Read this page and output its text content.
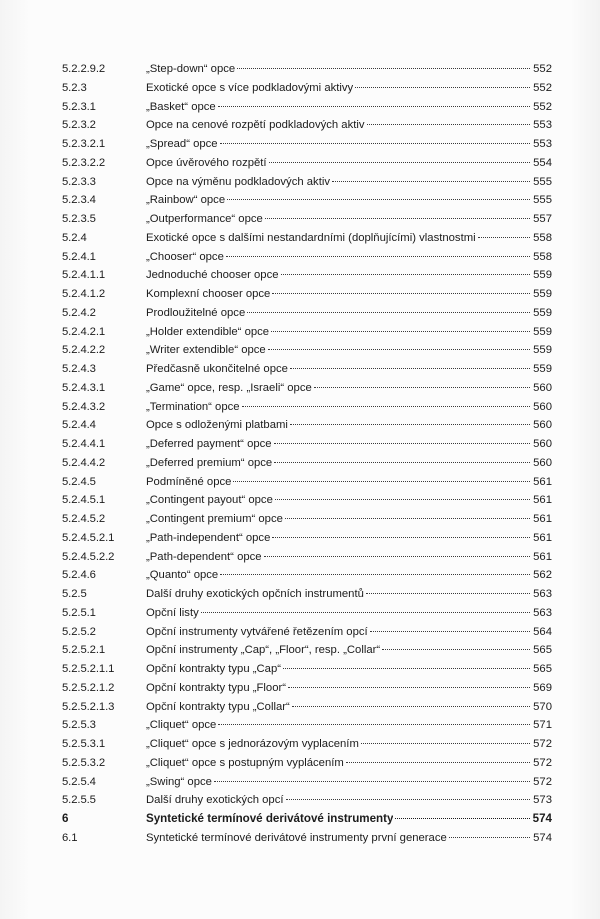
5.2.2.9.2	„Step-down“ opce	552
5.2.3	Exotické opce s více podkladovými aktivy	552
5.2.3.1	„Basket“ opce	552
5.2.3.2	Opce na cenové rozpětí podkladových aktiv	553
5.2.3.2.1	„Spread“ opce	553
5.2.3.2.2	Opce úvěrového rozpětí	554
5.2.3.3	Opce na výměnu podkladových aktiv	555
5.2.3.4	„Rainbow“ opce	555
5.2.3.5	„Outperformance“ opce	557
5.2.4	Exotické opce s dalšími nestandardními (doplňujícími) vlastnostmi	558
5.2.4.1	„Chooser“ opce	558
5.2.4.1.1	Jednoduché chooser opce	559
5.2.4.1.2	Komplexní chooser opce	559
5.2.4.2	Prodloužitelné opce	559
5.2.4.2.1	„Holder extendible“ opce	559
5.2.4.2.2	„Writer extendible“ opce	559
5.2.4.3	Předčasně ukončitelné opce	559
5.2.4.3.1	„Game“ opce, resp. „Israeli“ opce	560
5.2.4.3.2	„Termination“ opce	560
5.2.4.4	Opce s odloženými platbami	560
5.2.4.4.1	„Deferred payment“ opce	560
5.2.4.4.2	„Deferred premium“ opce	560
5.2.4.5	Podmíněné opce	561
5.2.4.5.1	„Contingent payout“ opce	561
5.2.4.5.2	„Contingent premium“ opce	561
5.2.4.5.2.1	„Path-independent“ opce	561
5.2.4.5.2.2	„Path-dependent“ opce	561
5.2.4.6	„Quanto“ opce	562
5.2.5	Další druhy exotických opčních instrumentů	563
5.2.5.1	Opční listy	563
5.2.5.2	Opční instrumenty vytvářené řetězením opcí	564
5.2.5.2.1	Opční instrumenty „Cap“, „Floor“, resp. „Collar“	565
5.2.5.2.1.1	Opční kontrakty typu „Cap“	565
5.2.5.2.1.2	Opční kontrakty typu „Floor“	569
5.2.5.2.1.3	Opční kontrakty typu „Collar“	570
5.2.5.3	„Cliquet“ opce	571
5.2.5.3.1	„Cliquet“ opce s jednorázovým vyplacením	572
5.2.5.3.2	„Cliquet“ opce s postupným vyplácením	572
5.2.5.4	„Swing“ opce	572
5.2.5.5	Další druhy exotických opcí	573
6	Syntetické termínové derivátové instrumenty	574
6.1	Syntetické termínové derivátové instrumenty první generace	574
